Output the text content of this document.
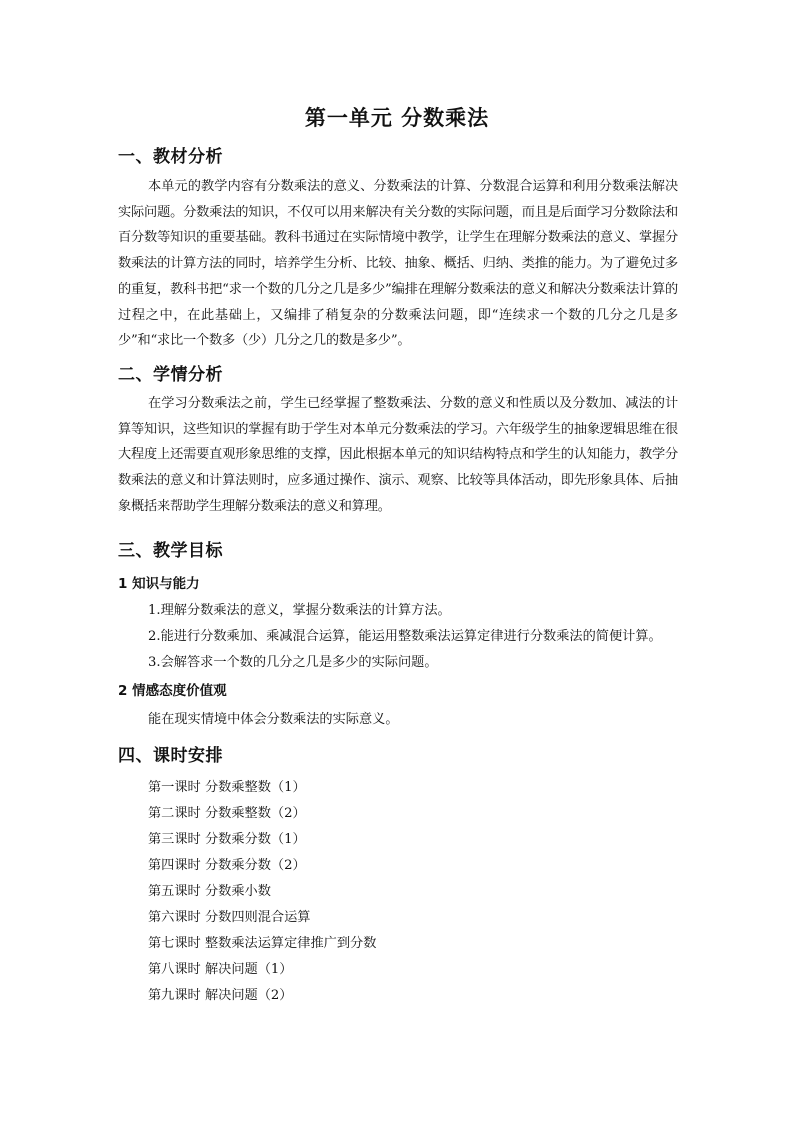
第一单元 分数乘法
一、教材分析
本单元的教学内容有分数乘法的意义、分数乘法的计算、分数混合运算和利用分数乘法解决实际问题。分数乘法的知识，不仅可以用来解决有关分数的实际问题，而且是后面学习分数除法和百分数等知识的重要基础。教科书通过在实际情境中教学，让学生在理解分数乘法的意义、掌握分数乘法的计算方法的同时，培养学生分析、比较、抽象、概括、归纳、类推的能力。为了避免过多的重复，教科书把“求一个数的几分之几是多少”编排在理解分数乘法的意义和解决分数乘法计算的过程之中，在此基础上，又编排了稍复杂的分数乘法问题，即“连续求一个数的几分之几是多少”和“求比一个数多（少）几分之几的数是多少”。
二、学情分析
在学习分数乘法之前，学生已经掌握了整数乘法、分数的意义和性质以及分数加、减法的计算等知识，这些知识的掌握有助于学生对本单元分数乘法的学习。六年级学生的抽象逻辑思维在很大程度上还需要直观形象思维的支撑，因此根据本单元的知识结构特点和学生的认知能力，教学分数乘法的意义和计算法则时，应多通过操作、演示、观察、比较等具体活动，即先形象具体、后抽象概括来帮助学生理解分数乘法的意义和算理。
三、教学目标
1 知识与能力
1.理解分数乘法的意义，掌握分数乘法的计算方法。
2.能进行分数乘加、乘减混合运算，能运用整数乘法运算定律进行分数乘法的简便计算。
3.会解答求一个数的几分之几是多少的实际问题。
2 情感态度价值观
能在现实情境中体会分数乘法的实际意义。
四、课时安排
第一课时 分数乘整数（1）
第二课时 分数乘整数（2）
第三课时 分数乘分数（1）
第四课时 分数乘分数（2）
第五课时 分数乘小数
第六课时 分数四则混合运算
第七课时 整数乘法运算定律推广到分数
第八课时 解决问题（1）
第九课时 解决问题（2）
